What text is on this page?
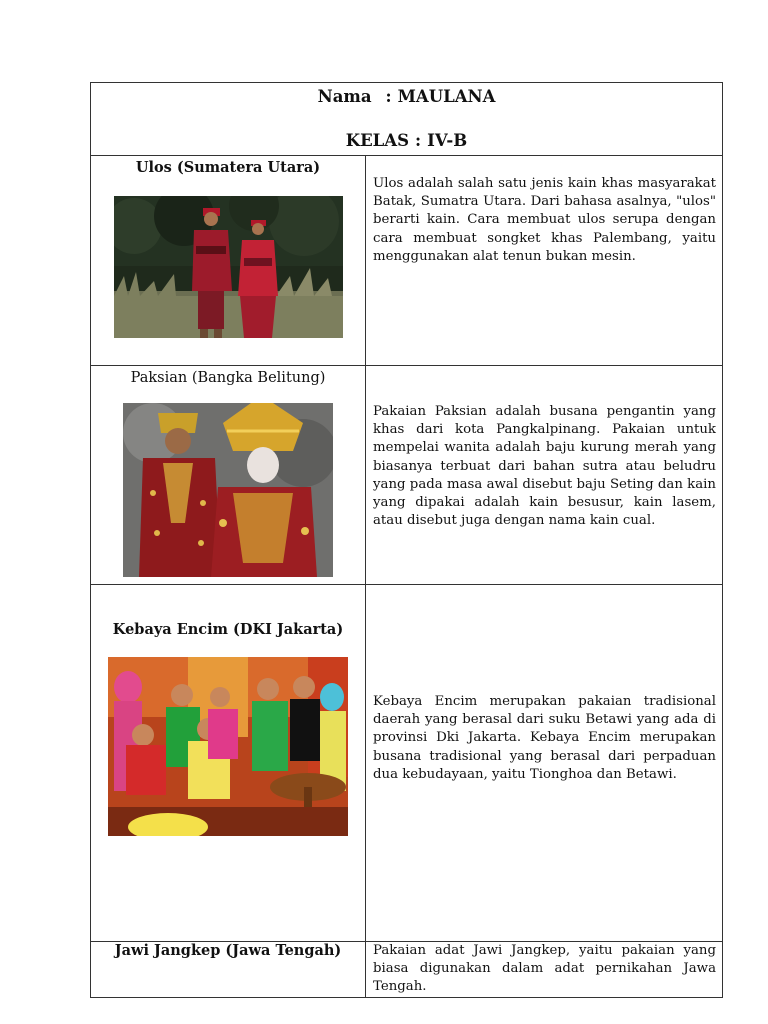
Nama : MAULANA
KELAS : IV-B	

Ulos (Sumatera Utara)	Ulos adalah salah satu jenis kain khas masyarakat Batak, Sumatra Utara. Dari bahasa asalnya, "ulos" berarti kain. Cara membuat ulos serupa dengan cara membuat songket khas Palembang, yaitu menggunakan alat tenun bukan mesin.

Paksian (Bangka Belitung)	Pakaian Paksian adalah busana pengantin yang khas dari kota Pangkalpinang. Pakaian untuk mempelai wanita adalah baju kurung merah yang biasanya terbuat dari bahan sutra atau beludru yang pada masa awal disebut baju Seting dan kain yang dipakai adalah kain besusur, kain lasem, atau disebut juga dengan nama kain cual.

Kebaya Encim (DKI Jakarta)	Kebaya Encim merupakan pakaian tradisional daerah yang berasal dari suku Betawi yang ada di provinsi Dki Jakarta. Kebaya Encim merupakan busana tradisional yang berasal dari perpaduan dua kebudayaan, yaitu Tionghoa dan Betawi.

Jawi Jangkep (Jawa Tengah)	Pakaian adat Jawi Jangkep, yaitu pakaian yang biasa digunakan dalam adat pernikahan Jawa Tengah.
